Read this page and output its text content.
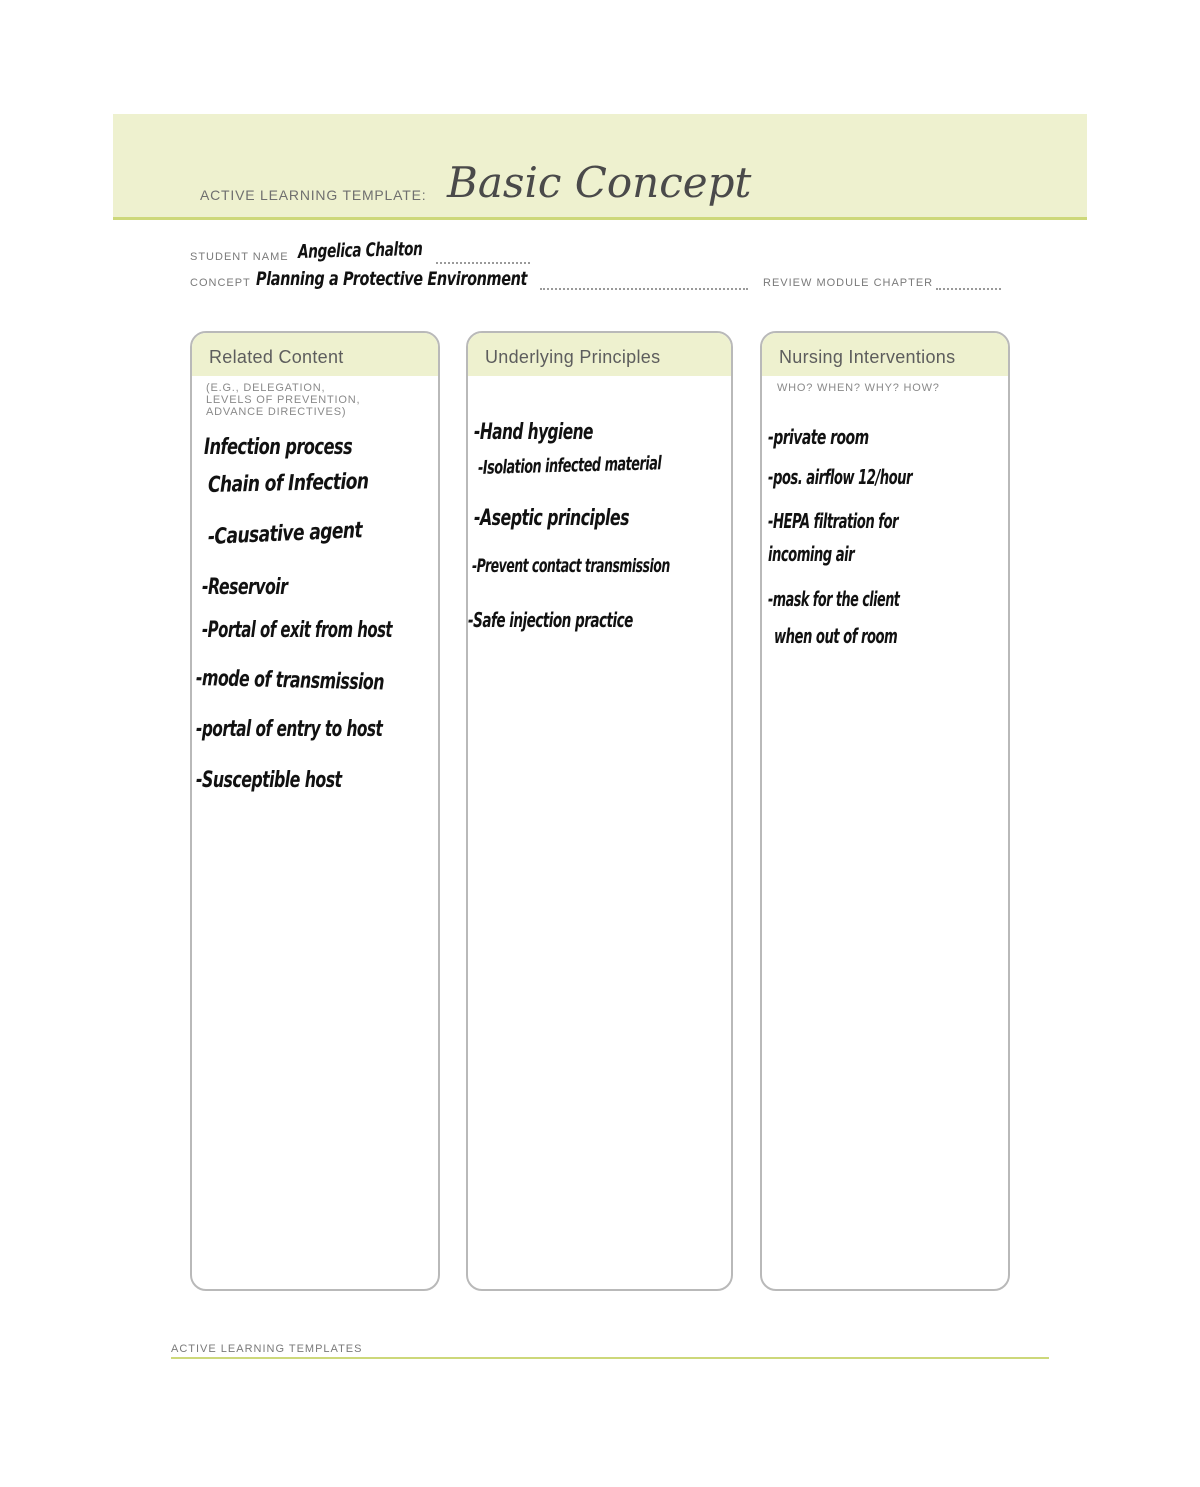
ACTIVE LEARNING TEMPLATE: Basic Concept
STUDENT NAME Angelica Chalton
CONCEPT Planning a Protective Environment	REVIEW MODULE CHAPTER
Related Content
(E.G., DELEGATION,
LEVELS OF PREVENTION,
ADVANCE DIRECTIVES)
Infection process
Chain of Infection
-Causative agent
-Reservoir
-Portal of exit from host
-mode of transmission
-portal of entry to host
-Susceptible host
Underlying Principles
-Hand hygiene
-Isolation infected material
-Aseptic principles
-Prevent contact transmission
-Safe injection practice
Nursing Interventions
WHO? WHEN? WHY? HOW?
-private room
-pos. airflow 12/hour
-HEPA filtration for
incoming air
-mask for the client
when out of room
ACTIVE LEARNING TEMPLATES
